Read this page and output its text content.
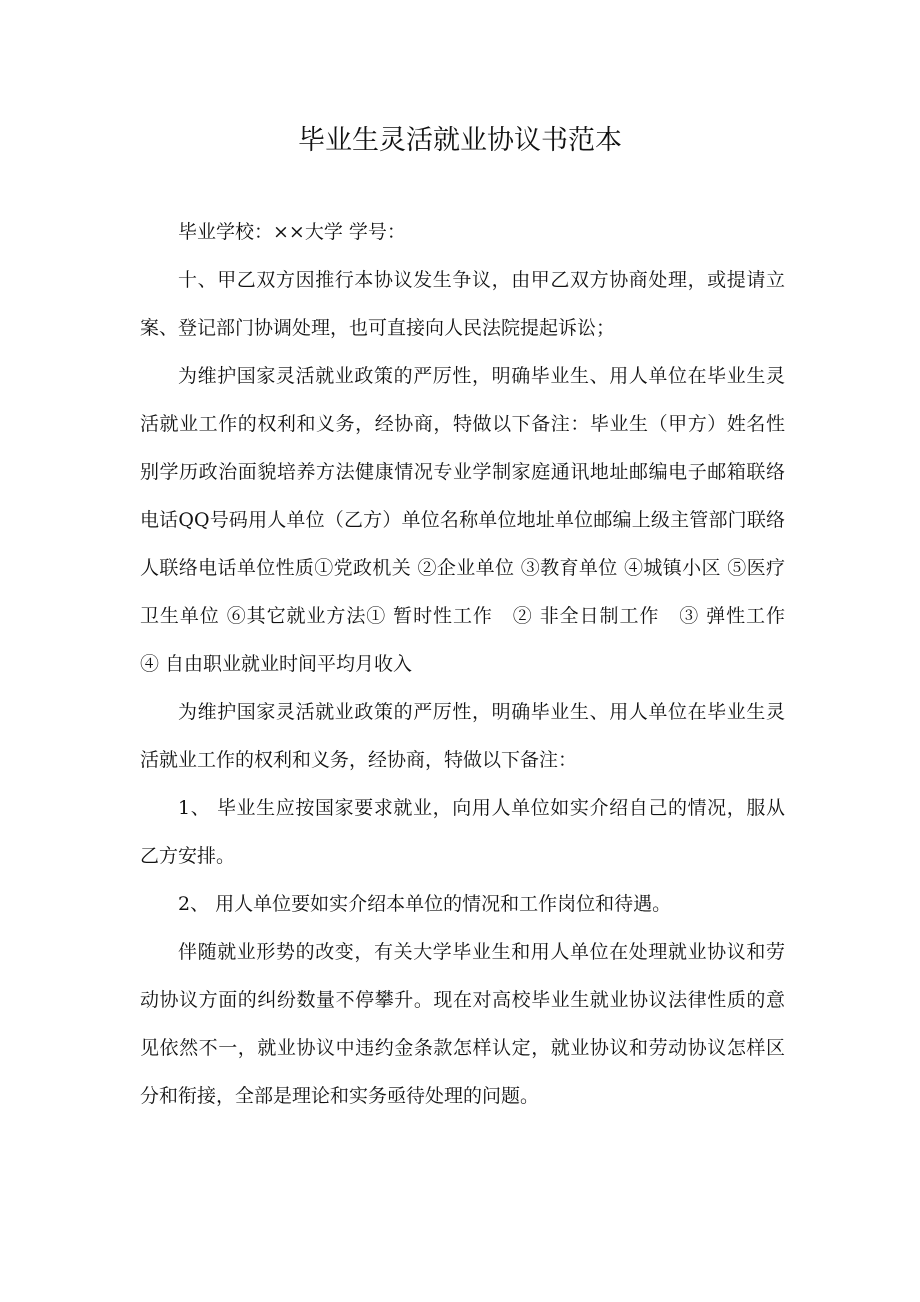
毕业生灵活就业协议书范本

毕业学校：××大学 学号：

十、甲乙双方因推行本协议发生争议，由甲乙双方协商处理，或提请立案、登记部门协调处理，也可直接向人民法院提起诉讼；

为维护国家灵活就业政策的严厉性，明确毕业生、用人单位在毕业生灵活就业工作的权利和义务，经协商，特做以下备注：毕业生（甲方）姓名性别学历政治面貌培养方法健康情况专业学制家庭通讯地址邮编电子邮箱联络电话QQ号码用人单位（乙方）单位名称单位地址单位邮编上级主管部门联络人联络电话单位性质①党政机关 ②企业单位 ③教育单位 ④城镇小区 ⑤医疗卫生单位 ⑥其它就业方法① 暂时性工作　② 非全日制工作　③ 弹性工作　④ 自由职业就业时间平均月收入

为维护国家灵活就业政策的严厉性，明确毕业生、用人单位在毕业生灵活就业工作的权利和义务，经协商，特做以下备注：

1、 毕业生应按国家要求就业，向用人单位如实介绍自己的情况，服从乙方安排。

2、 用人单位要如实介绍本单位的情况和工作岗位和待遇。

伴随就业形势的改变，有关大学毕业生和用人单位在处理就业协议和劳动协议方面的纠纷数量不停攀升。现在对高校毕业生就业协议法律性质的意见依然不一，就业协议中违约金条款怎样认定，就业协议和劳动协议怎样区分和衔接，全部是理论和实务亟待处理的问题。
